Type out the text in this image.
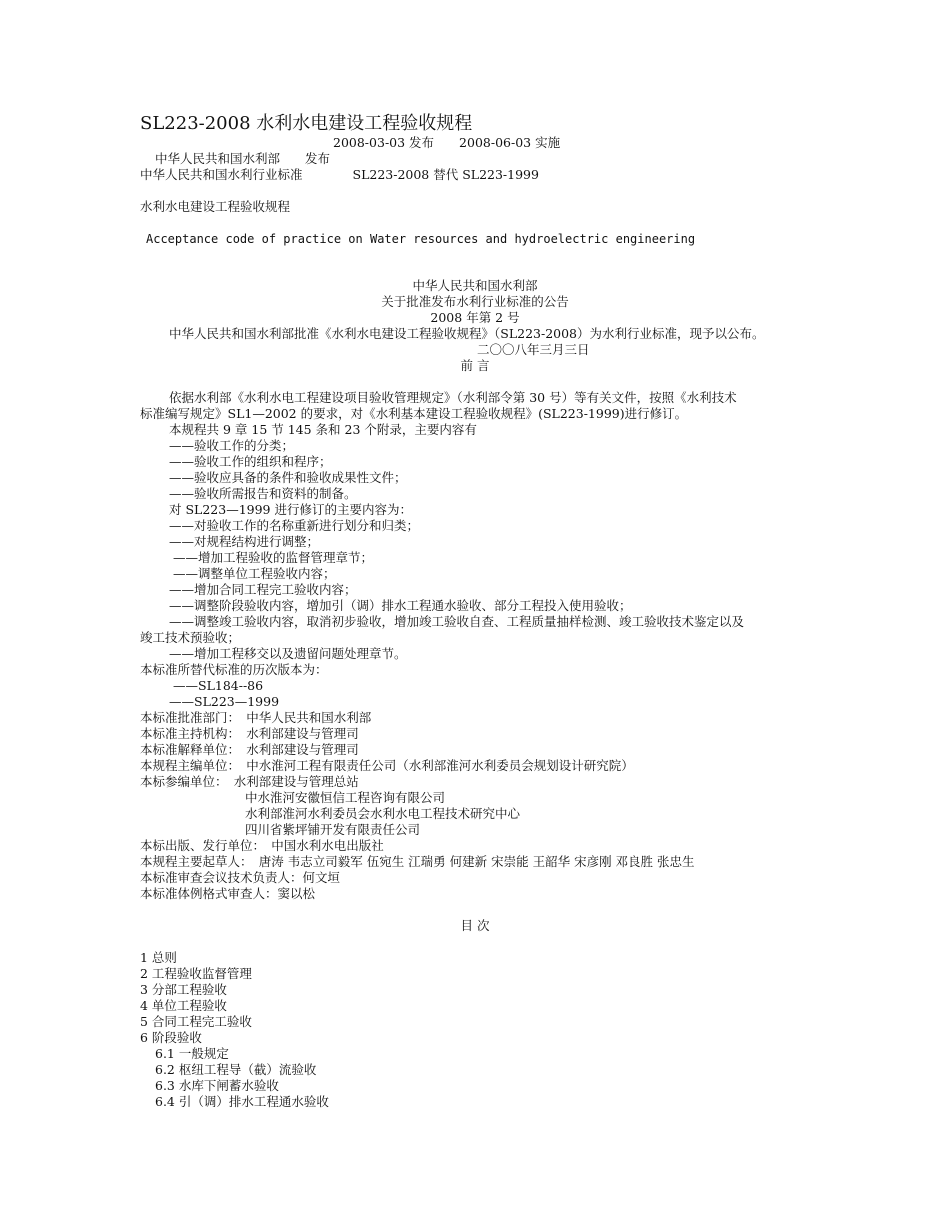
SL223-2008 水利水电建设工程验收规程
2008-03-03 发布　　2008-06-03 实施
中华人民共和国水利部　　发布
中华人民共和国水利行业标准　　　　SL223-2008 替代 SL223-1999
水利水电建设工程验收规程
Acceptance code of practice on Water resources and hydroelectric engineering
中华人民共和国水利部
关于批准发布水利行业标准的公告
2008 年第 2 号
中华人民共和国水利部批准《水利水电建设工程验收规程》（SL223-2008）为水利行业标准，现予以公布。
二〇〇八年三月三日
前 言
依据水利部《水利水电工程建设项目验收管理规定》（水利部令第 30 号）等有关文件，按照《水利技术
标准编写规定》SL1—2002 的要求，对《水利基本建设工程验收规程》(SL223-1999)进行修订。
本规程共 9 章 15 节 145 条和 23 个附录，主要内容有
——验收工作的分类；
——验收工作的组织和程序；
——验收应具备的条件和验收成果性文件；
——验收所需报告和资料的制备。
对 SL223—1999 进行修订的主要内容为：
——对验收工作的名称重新进行划分和归类；
——对规程结构进行调整；
——增加工程验收的监督管理章节；
——调整单位工程验收内容；
——增加合同工程完工验收内容；
——调整阶段验收内容，增加引（调）排水工程通水验收、部分工程投入使用验收；
——调整竣工验收内容，取消初步验收，增加竣工验收自查、工程质量抽样检测、竣工验收技术鉴定以及
竣工技术预验收；
——增加工程移交以及遗留问题处理章节。
本标准所替代标准的历次版本为：
——SL184--86
——SL223—1999
本标准批准部门：　中华人民共和国水利部
本标准主持机构：　水利部建设与管理司
本标准解释单位：　水利部建设与管理司
本规程主编单位：　中水淮河工程有限责任公司（水利部淮河水利委员会规划设计研究院）
本标参编单位：　水利部建设与管理总站
中水淮河安徽恒信工程咨询有限公司
水利部淮河水利委员会水利水电工程技术研究中心
四川省紫坪铺开发有限责任公司
本标出版、发行单位：　中国水利水电出版社
本规程主要起草人：　唐涛 韦志立司毅军 伍宛生 江瑞勇 何建新 宋崇能 王韶华 宋彦刚 邓良胜 张忠生
本标准审查会议技术负责人：何文垣
本标准体例格式审查人：窦以松
目 次
1 总则
2 工程验收监督管理
3 分部工程验收
4 单位工程验收
5 合同工程完工验收
6 阶段验收
6.1 一般规定
6.2 枢纽工程导（截）流验收
6.3 水库下闸蓄水验收
6.4 引（调）排水工程通水验收
